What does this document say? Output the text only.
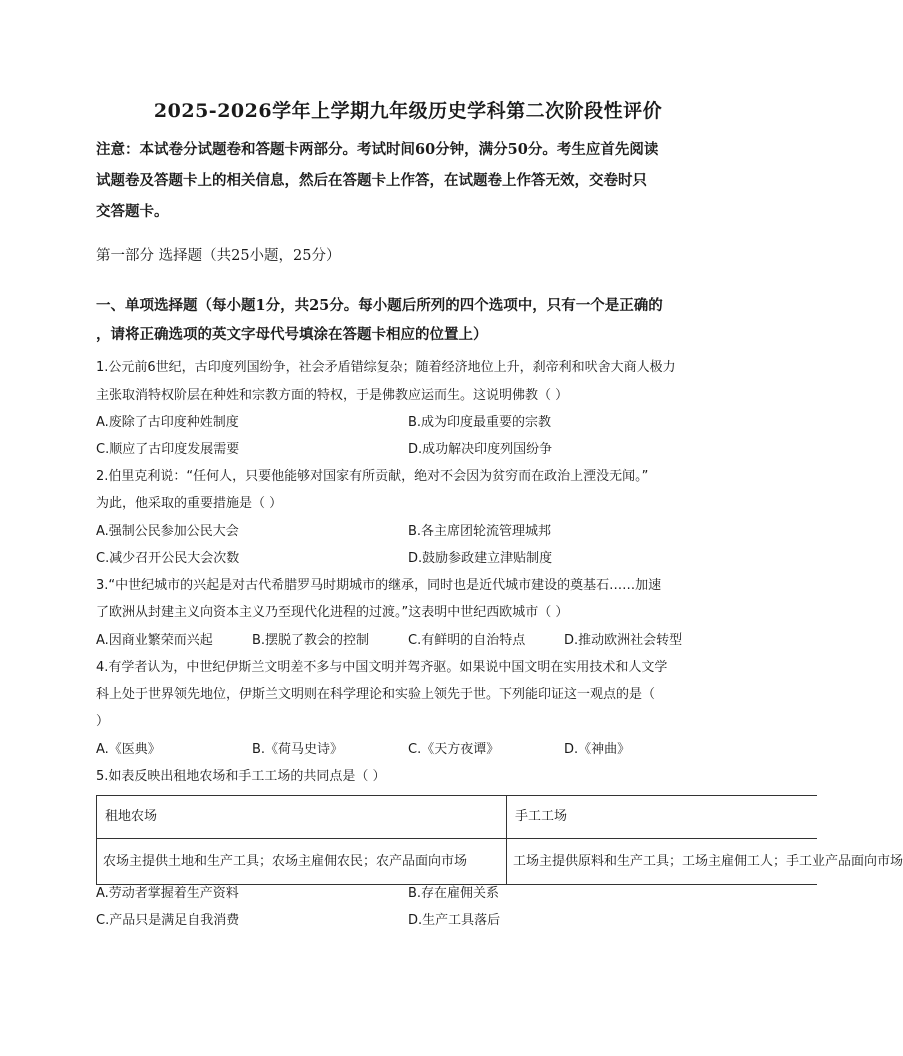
2025-2026学年上学期九年级历史学科第二次阶段性评价
注意：本试卷分试题卷和答题卡两部分。考试时间60分钟，满分50分。考生应首先阅读
试题卷及答题卡上的相关信息，然后在答题卡上作答，在试题卷上作答无效，交卷时只
交答题卡。
第一部分 选择题（共25小题，25分）
一、单项选择题（每小题1分，共25分。每小题后所列的四个选项中，只有一个是正确的
，请将正确选项的英文字母代号填涂在答题卡相应的位置上）
1.公元前6世纪，古印度列国纷争，社会矛盾错综复杂；随着经济地位上升，刹帝利和吠舍大商人极力
主张取消特权阶层在种姓和宗教方面的特权，于是佛教应运而生。这说明佛教（ ）
A.废除了古印度种姓制度	B.成为印度最重要的宗教
C.顺应了古印度发展需要	D.成功解决印度列国纷争
2.伯里克利说：“任何人，只要他能够对国家有所贡献，绝对不会因为贫穷而在政治上湮没无闻。”
为此，他采取的重要措施是（ ）
A.强制公民参加公民大会	B.各主席团轮流管理城邦
C.减少召开公民大会次数	D.鼓励参政建立津贴制度
3.“中世纪城市的兴起是对古代希腊罗马时期城市的继承，同时也是近代城市建设的奠基石……加速
了欧洲从封建主义向资本主义乃至现代化进程的过渡。”这表明中世纪西欧城市（ ）
A.因商业繁荣而兴起	B.摆脱了教会的控制	C.有鲜明的自治特点	D.推动欧洲社会转型
4.有学者认为，中世纪伊斯兰文明差不多与中国文明并驾齐驱。如果说中国文明在实用技术和人文学
科上处于世界领先地位，伊斯兰文明则在科学理论和实验上领先于世。下列能印证这一观点的是（
）
A.《医典》	B.《荷马史诗》	C.《天方夜谭》	D.《神曲》
5.如表反映出租地农场和手工工场的共同点是（ ）
租地农场	手工工场
农场主提供土地和生产工具；农场主雇佣农民；农产品面向市场	工场主提供原料和生产工具；工场主雇佣工人；手工业产品面向市场
A.劳动者掌握着生产资料	B.存在雇佣关系
C.产品只是满足自我消费	D.生产工具落后
